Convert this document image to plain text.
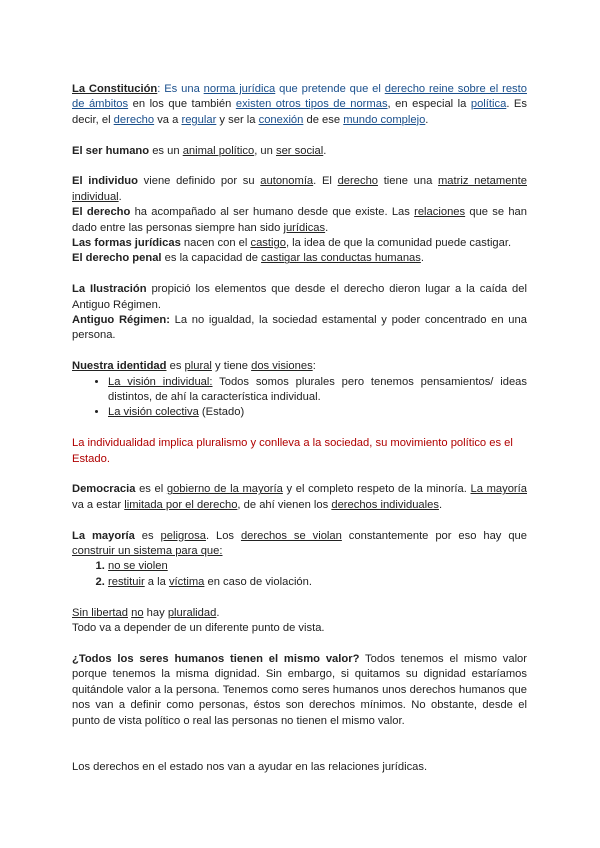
La Constitución: Es una norma jurídica que pretende que el derecho reine sobre el resto de ámbitos en los que también existen otros tipos de normas, en especial la política. Es decir, el derecho va a regular y ser la conexión de ese mundo complejo.

El ser humano es un animal político, un ser social.

El individuo viene definido por su autonomía. El derecho tiene una matriz netamente individual.

El derecho ha acompañado al ser humano desde que existe. Las relaciones que se han dado entre las personas siempre han sido jurídicas.

Las formas jurídicas nacen con el castigo, la idea de que la comunidad puede castigar.

El derecho penal es la capacidad de castigar las conductas humanas.

La Ilustración propició los elementos que desde el derecho dieron lugar a la caída del Antiguo Régimen.

Antiguo Régimen: La no igualdad, la sociedad estamental y poder concentrado en una persona.

Nuestra identidad es plural y tiene dos visiones:

• La visión individual: Todos somos plurales pero tenemos pensamientos/ ideas distintos, de ahí la característica individual.
• La visión colectiva (Estado)

La individualidad implica pluralismo y conlleva a la sociedad, su movimiento político es el Estado.

Democracia es el gobierno de la mayoría y el completo respeto de la minoría. La mayoría va a estar limitada por el derecho, de ahí vienen los derechos individuales.

La mayoría es peligrosa. Los derechos se violan constantemente por eso hay que construir un sistema para que:

1. no se violen
2. restituir a la víctima en caso de violación.

Sin libertad no hay pluralidad.

Todo va a depender de un diferente punto de vista.

¿Todos los seres humanos tienen el mismo valor? Todos tenemos el mismo valor porque tenemos la misma dignidad. Sin embargo, si quitamos su dignidad estaríamos quitándole valor a la persona. Tenemos como seres humanos unos derechos humanos que nos van a definir como personas, éstos son derechos mínimos. No obstante, desde el punto de vista político o real las personas no tienen el mismo valor.

Los derechos en el estado nos van a ayudar en las relaciones jurídicas.
